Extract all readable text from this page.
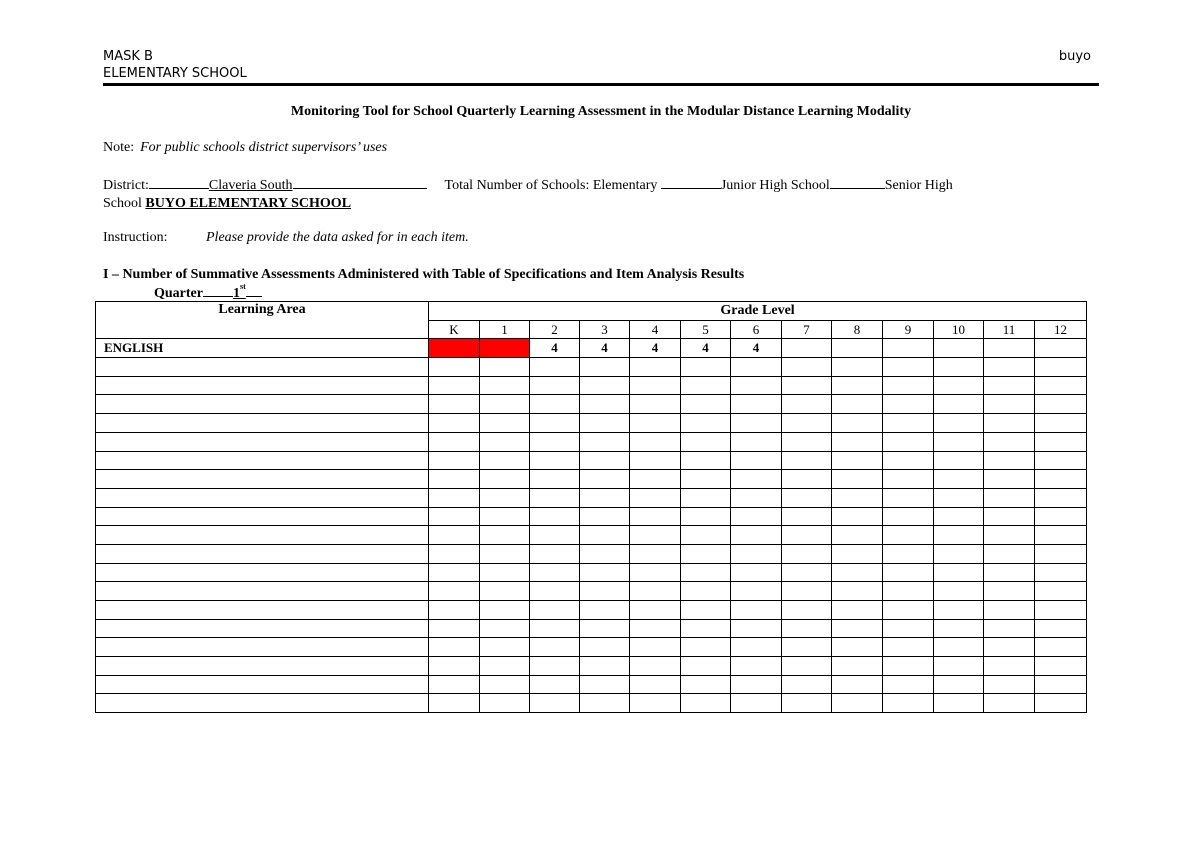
MASK B
ELEMENTARY SCHOOL
buyo
Monitoring Tool for School Quarterly Learning Assessment in the Modular Distance Learning Modality
Note: For public schools district supervisors’ uses
District:	Claveria South	Total Number of Schools: Elementary	Junior High School	Senior High
School BUYO ELEMENTARY SCHOOL
Instruction:	Please provide the data asked for in each item.
I – Number of Summative Assessments Administered with Table of Specifications and Item Analysis Results
Quarter 1st
Learning Area	Grade Level												
	K	1	2	3	4	5	6	7	8	9	10	11	12
ENGLISH			4	4	4	4	4						
